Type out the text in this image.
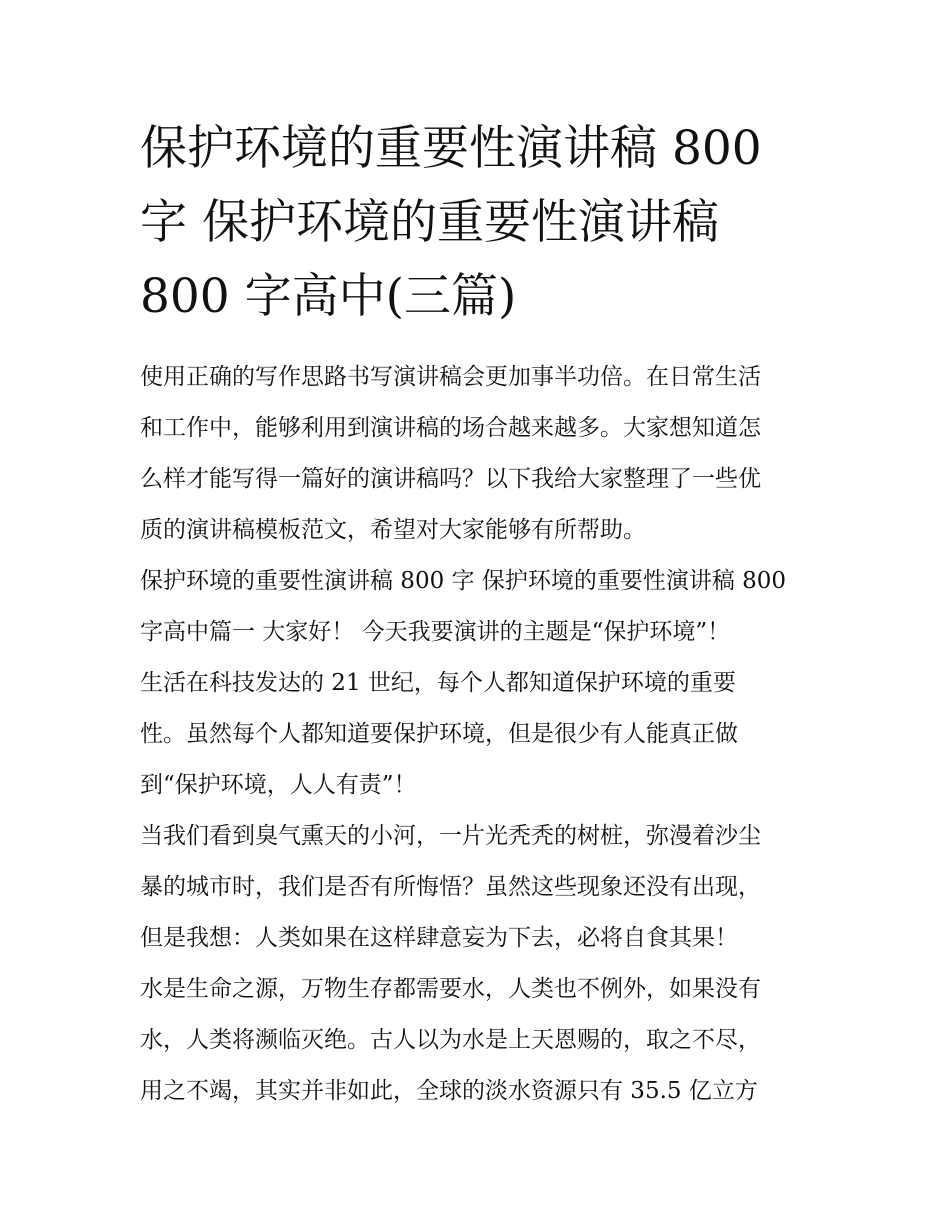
保护环境的重要性演讲稿 800
字 保护环境的重要性演讲稿
800 字高中(三篇)
使用正确的写作思路书写演讲稿会更加事半功倍。在日常生活
和工作中，能够利用到演讲稿的场合越来越多。大家想知道怎
么样才能写得一篇好的演讲稿吗？以下我给大家整理了一些优
质的演讲稿模板范文，希望对大家能够有所帮助。
保护环境的重要性演讲稿 800 字 保护环境的重要性演讲稿 800
字高中篇一 大家好！ 今天我要演讲的主题是“保护环境”！
生活在科技发达的 21 世纪，每个人都知道保护环境的重要
性。虽然每个人都知道要保护环境，但是很少有人能真正做
到“保护环境，人人有责”！
当我们看到臭气熏天的小河，一片光秃秃的树桩，弥漫着沙尘
暴的城市时，我们是否有所悔悟？虽然这些现象还没有出现，
但是我想：人类如果在这样肆意妄为下去，必将自食其果！
水是生命之源，万物生存都需要水，人类也不例外，如果没有
水，人类将濒临灭绝。古人以为水是上天恩赐的，取之不尽，
用之不竭，其实并非如此，全球的淡水资源只有 35.5 亿立方
